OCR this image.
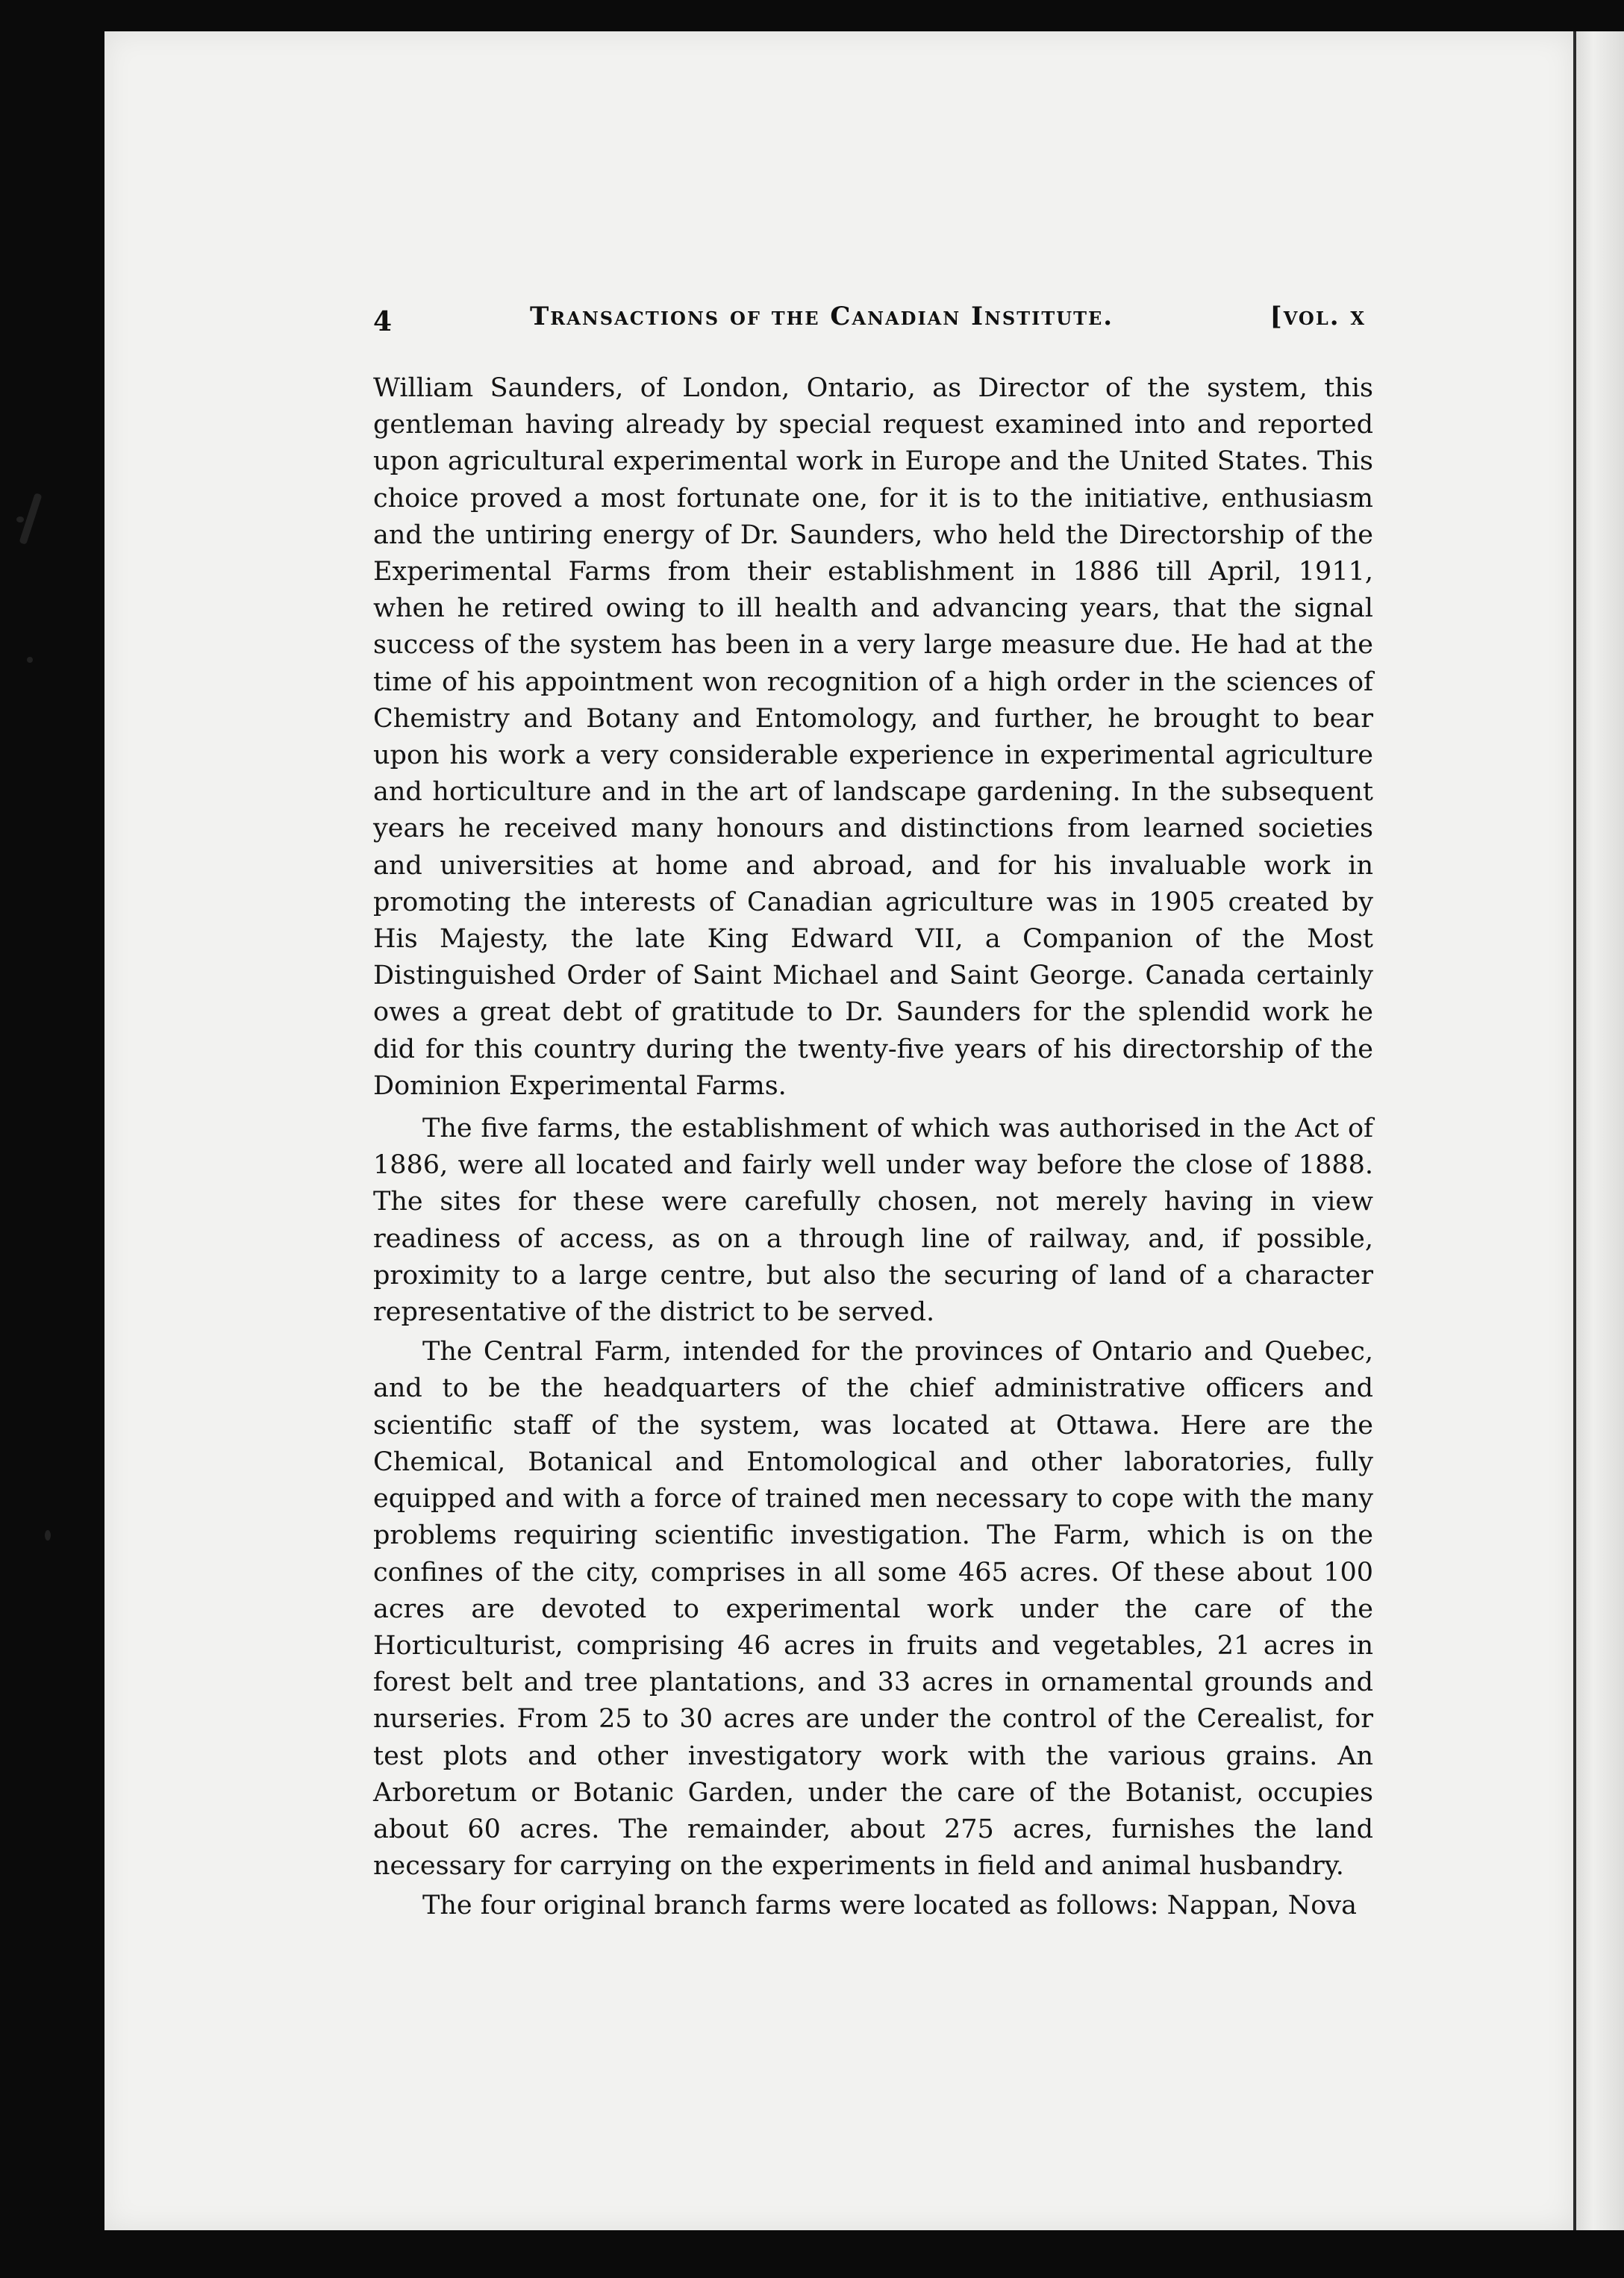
4	Transactions of the Canadian Institute.	[vol. x

William Saunders, of London, Ontario, as Director of the system, this gentleman having already by special request examined into and reported upon agricultural experimental work in Europe and the United States. This choice proved a most fortunate one, for it is to the initiative, enthusiasm and the untiring energy of Dr. Saunders, who held the Directorship of the Experimental Farms from their establishment in 1886 till April, 1911, when he retired owing to ill health and advancing years, that the signal success of the system has been in a very large measure due. He had at the time of his appointment won recognition of a high order in the sciences of Chemistry and Botany and Entomology, and further, he brought to bear upon his work a very considerable experience in experimental agriculture and horticulture and in the art of landscape gardening. In the subsequent years he received many honours and distinctions from learned societies and universities at home and abroad, and for his invaluable work in promoting the interests of Canadian agriculture was in 1905 created by His Majesty, the late King Edward VII, a Companion of the Most Distinguished Order of Saint Michael and Saint George. Canada certainly owes a great debt of gratitude to Dr. Saunders for the splendid work he did for this country during the twenty-five years of his directorship of the Dominion Experimental Farms.

The five farms, the establishment of which was authorised in the Act of 1886, were all located and fairly well under way before the close of 1888. The sites for these were carefully chosen, not merely having in view readiness of access, as on a through line of railway, and, if possible, proximity to a large centre, but also the securing of land of a character representative of the district to be served.

The Central Farm, intended for the provinces of Ontario and Quebec, and to be the headquarters of the chief administrative officers and scientific staff of the system, was located at Ottawa. Here are the Chemical, Botanical and Entomological and other laboratories, fully equipped and with a force of trained men necessary to cope with the many problems requiring scientific investigation. The Farm, which is on the confines of the city, comprises in all some 465 acres. Of these about 100 acres are devoted to experimental work under the care of the Horticulturist, comprising 46 acres in fruits and vegetables, 21 acres in forest belt and tree plantations, and 33 acres in ornamental grounds and nurseries. From 25 to 30 acres are under the control of the Cerealist, for test plots and other investigatory work with the various grains. An Arboretum or Botanic Garden, under the care of the Botanist, occupies about 60 acres. The remainder, about 275 acres, furnishes the land necessary for carrying on the experiments in field and animal husbandry.

The four original branch farms were located as follows: Nappan, Nova
